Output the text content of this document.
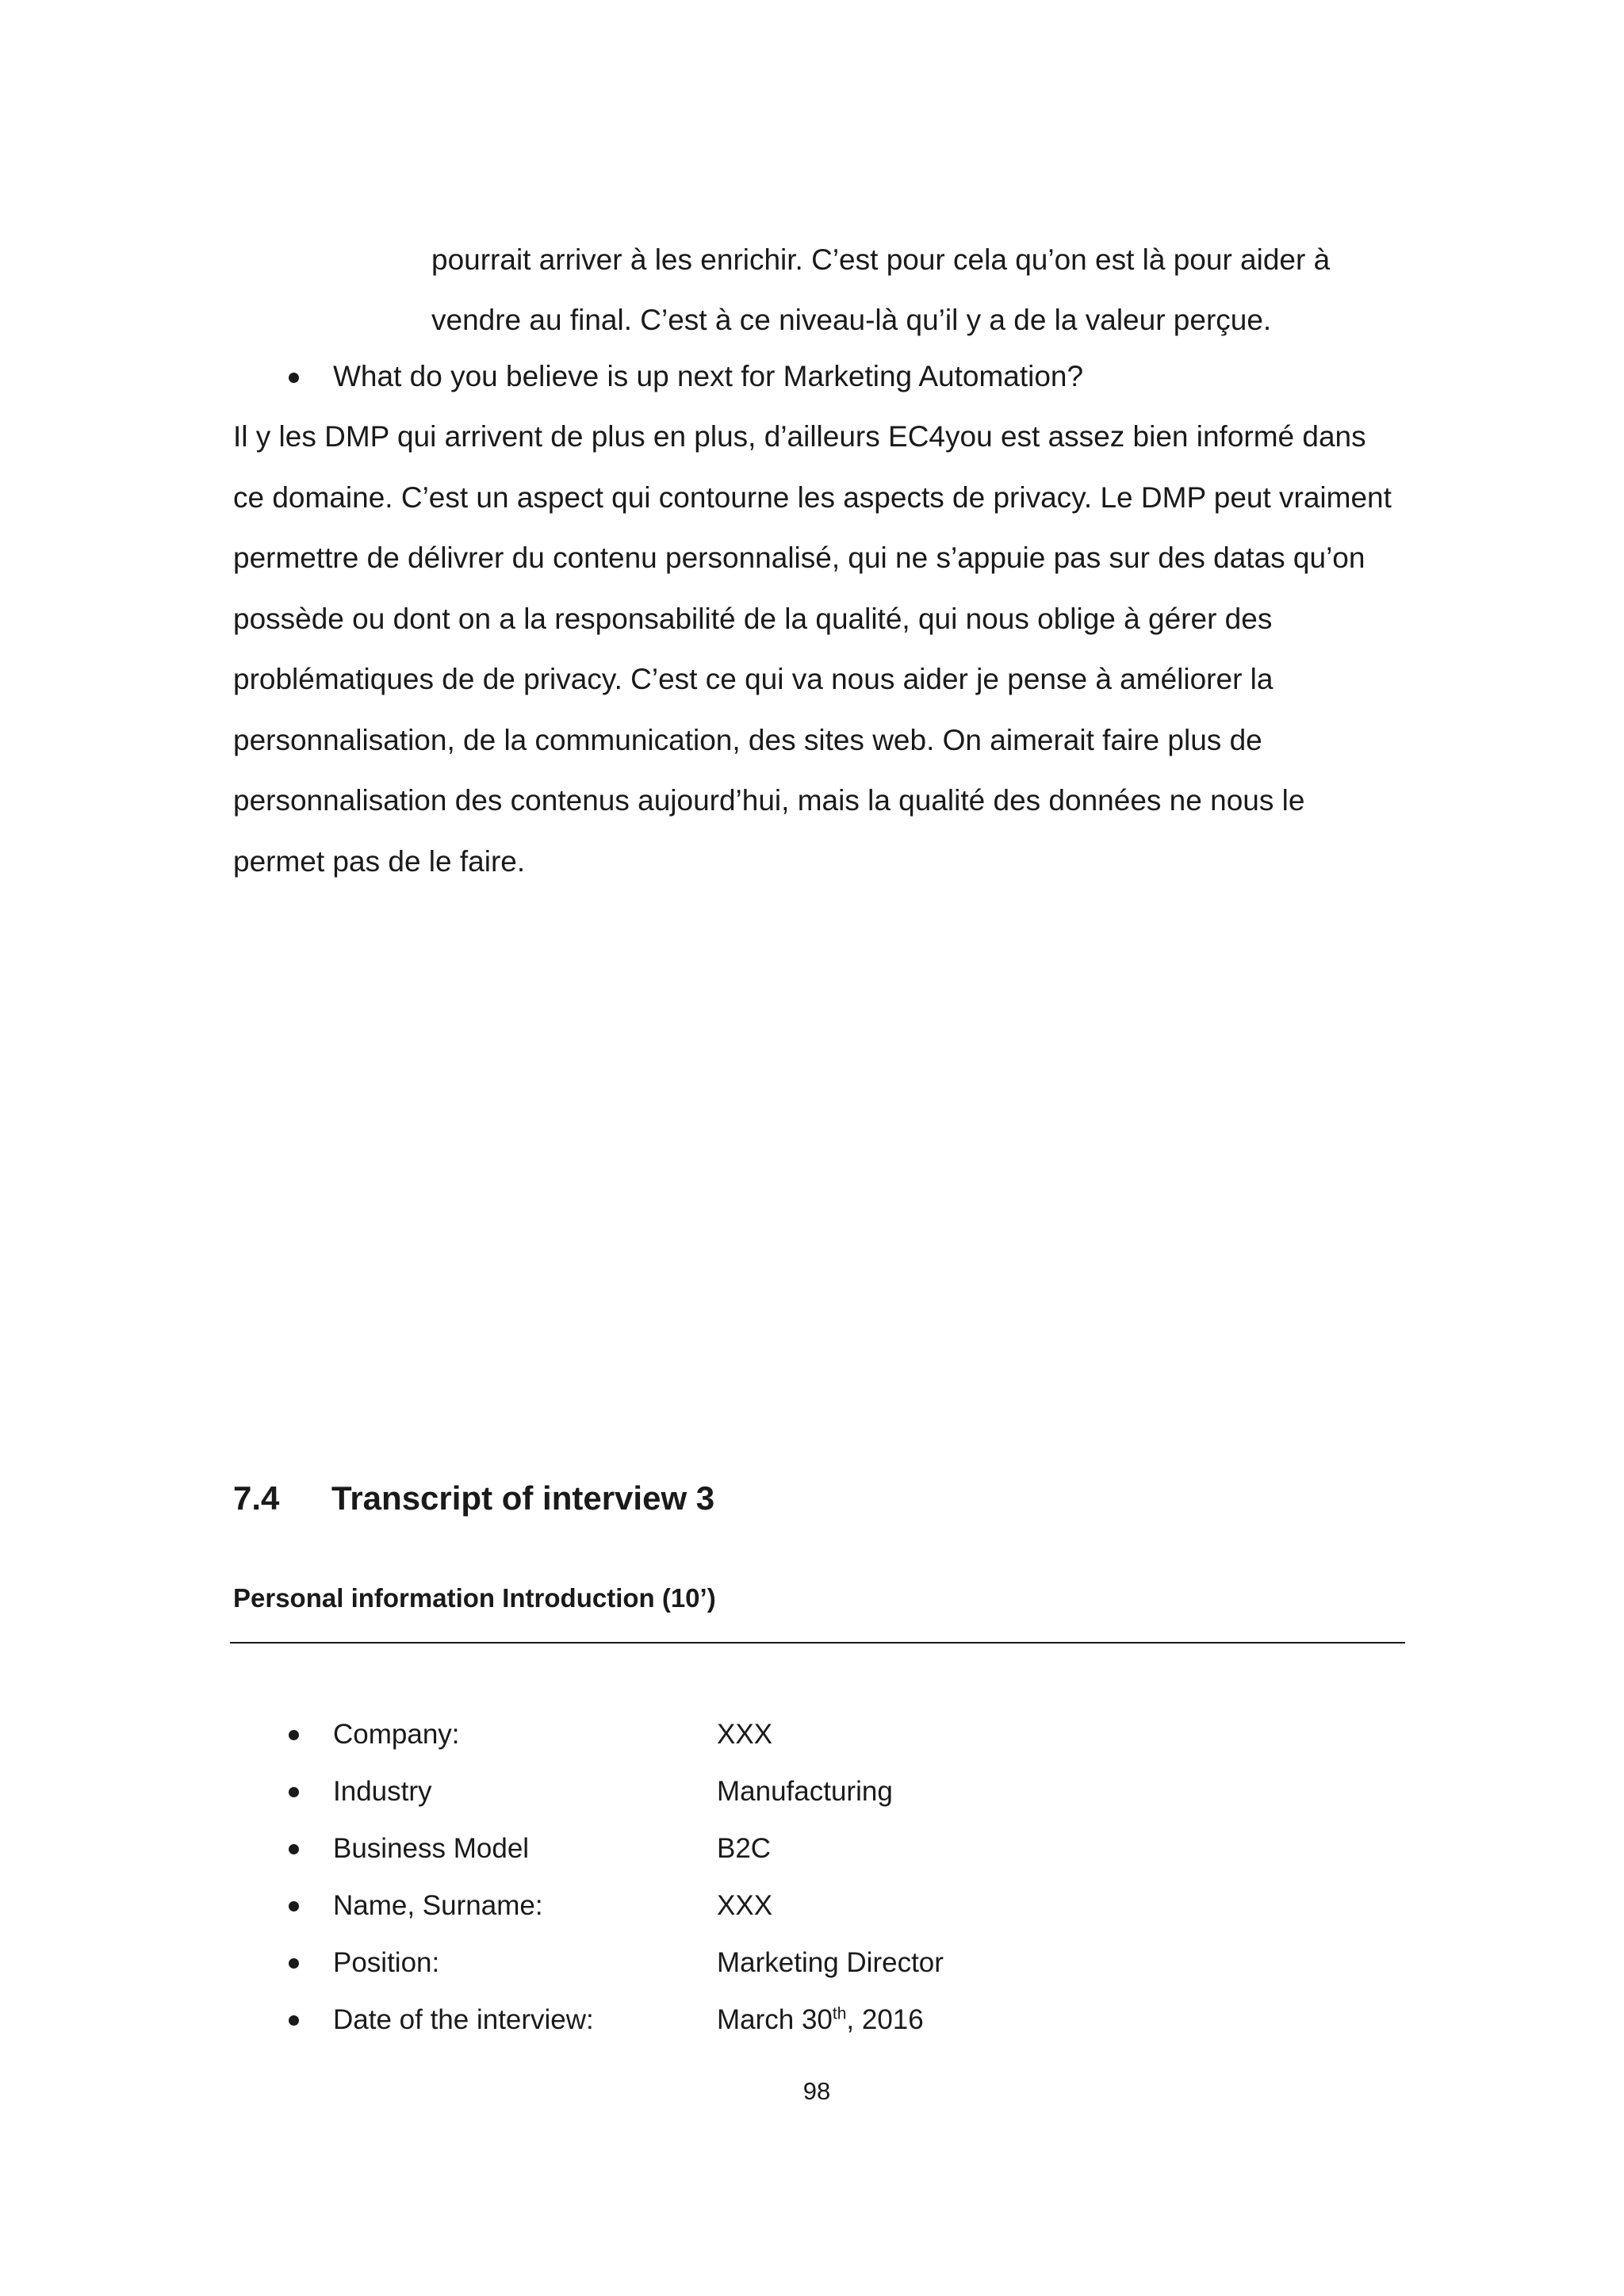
pourrait arriver à les enrichir. C’est pour cela qu’on est là pour aider à

vendre au final. C’est à ce niveau-là qu’il y a de la valeur perçue.

What do you believe is up next for Marketing Automation?

Il y les DMP qui arrivent de plus en plus, d’ailleurs EC4you est assez bien informé dans

ce domaine. C’est un aspect qui contourne les aspects de privacy. Le DMP peut vraiment

permettre de délivrer du contenu personnalisé, qui ne s’appuie pas sur des datas qu’on

possède ou dont on a la responsabilité de la qualité, qui nous oblige à gérer des

problématiques de de privacy. C’est ce qui va nous aider je pense à améliorer la

personnalisation, de la communication, des sites web. On aimerait faire plus de

personnalisation des contenus aujourd’hui, mais la qualité des données ne nous le

permet pas de le faire.

7.4	Transcript of interview 3
Personal information Introduction (10’)
Company:	XXX
Industry	Manufacturing
Business Model	B2C
Name, Surname:	XXX
Position:	Marketing Director
Date of the interview:	March 30th, 2016
98
